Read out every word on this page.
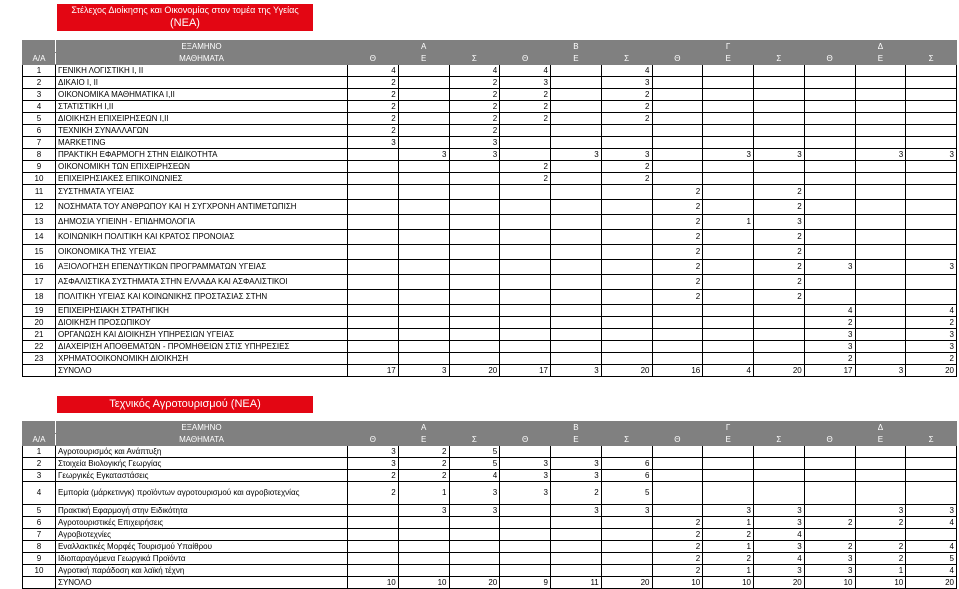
Στέλεχος Διοίκησης και Οικονομίας στον τομέα της Υγείας
(ΝΕΑ)
	ΕΞΑΜΗΝΟ	Α			Β			Γ			Δ		
Α/Α	ΜΑΘΗΜΑΤΑ	Θ	Ε	Σ	Θ	Ε	Σ	Θ	Ε	Σ	Θ	Ε	Σ
1	ΓΕΝΙΚΗ ΛΟΓΙΣΤΙΚΗ Ι, ΙΙ	4		4	4		4						
2	ΔΙΚΑΙΟ Ι, ΙΙ	2		2	3		3						
3	ΟΙΚΟΝΟΜΙΚΑ ΜΑΘΗΜΑΤΙΚΑ Ι,ΙΙ	2		2	2		2						
4	ΣΤΑΤΙΣΤΙΚΗ Ι,ΙΙ	2		2	2		2						
5	ΔΙΟΙΚΗΣΗ ΕΠΙΧΕΙΡΗΣΕΩΝ Ι,ΙΙ	2		2	2		2						
6	ΤΕΧΝΙΚΗ ΣΥΝΑΛΛΑΓΩΝ	2		2									
7	MARKETING	3		3									
8	ΠΡΑΚΤΙΚΗ ΕΦΑΡΜΟΓΗ ΣΤΗΝ ΕΙΔΙΚΟΤΗΤΑ		3	3		3	3		3	3		3	3
9	ΟΙΚΟΝΟΜΙΚΗ ΤΩΝ ΕΠΙΧΕΙΡΗΣΕΩΝ				2		2						
10	ΕΠΙΧΕΙΡΗΣΙΑΚΕΣ ΕΠΙΚΟΙΝΩΝΙΕΣ				2		2						
11	ΣΥΣΤΗΜΑΤΑ ΥΓΕΙΑΣ							2		2			
12	ΝΟΣΗΜΑΤΑ ΤΟΥ ΑΝΘΡΩΠΟΥ ΚΑΙ Η ΣΥΓΧΡΟΝΗ ΑΝΤΙΜΕΤΩΠΙΣΗ							2		2			
13	ΔΗΜΟΣΙΑ ΥΓΙΕΙΝΗ - ΕΠΙΔΗΜΟΛΟΓΙΑ							2	1	3			
14	ΚΟΙΝΩΝΙΚΗ ΠΟΛΙΤΙΚΗ ΚΑΙ ΚΡΑΤΟΣ ΠΡΟΝΟΙΑΣ							2		2			
15	ΟΙΚΟΝΟΜΙΚΑ ΤΗΣ ΥΓΕΙΑΣ							2		2			
16	ΑΞΙΟΛΟΓΗΣΗ ΕΠΕΝΔΥΤΙΚΩΝ ΠΡΟΓΡΑΜΜΑΤΩΝ ΥΓΕΙΑΣ							2		2	3		3
17	ΑΣΦΑΛΙΣΤΙΚΑ ΣΥΣΤΗΜΑΤΑ ΣΤΗΝ ΕΛΛΑΔΑ ΚΑΙ ΑΣΦΑΛΙΣΤΙΚΟΙ							2		2			
18	ΠΟΛΙΤΙΚΗ ΥΓΕΙΑΣ ΚΑΙ ΚΟΙΝΩΝΙΚΗΣ ΠΡΟΣΤΑΣΙΑΣ ΣΤΗΝ							2		2			
19	ΕΠΙΧΕΙΡΗΣΙΑΚΗ ΣΤΡΑΤΗΓΙΚΗ										4		4
20	ΔΙΟΙΚΗΣΗ ΠΡΟΣΩΠΙΚΟΥ										2		2
21	ΟΡΓΑΝΩΣΗ ΚΑΙ ΔΙΟΙΚΗΣΗ ΥΠΗΡΕΣΙΩΝ ΥΓΕΙΑΣ										3		3
22	ΔΙΑΧΕΙΡΙΣΗ ΑΠΟΘΕΜΑΤΩΝ - ΠΡΟΜΗΘΕΙΩΝ ΣΤΙΣ ΥΠΗΡΕΣΙΕΣ										3		3
23	ΧΡΗΜΑΤΟΟΙΚΟΝΟΜΙΚΗ ΔΙΟΙΚΗΣΗ										2		2
	ΣΥΝΟΛΟ	17	3	20	17	3	20	16	4	20	17	3	20
Τεχνικός Αγροτουρισμού (ΝΕΑ)
	ΕΞΑΜΗΝΟ	Α			Β			Γ			Δ		
Α/Α	ΜΑΘΗΜΑΤΑ	Θ	Ε	Σ	Θ	Ε	Σ	Θ	Ε	Σ	Θ	Ε	Σ
1	Αγροτουρισμός και Ανάπτυξη	3	2	5									
2	Στοιχεία Βιολογικής Γεωργίας	3	2	5	3	3	6						
3	Γεωργικές Εγκαταστάσεις	2	2	4	3	3	6						
4	Εμπορία (μάρκετινγκ) προϊόντων αγροτουρισμού και αγροβιοτεχνίας	2	1	3	3	2	5						
5	Πρακτική Εφαρμογή στην Ειδικότητα		3	3		3	3		3	3		3	3
6	Αγροτουριστικές Επιχειρήσεις							2	1	3	2	2	4
7	Αγροβιοτεχνίες							2	2	4			
8	Εναλλακτικές Μορφές Τουρισμού Υπαίθρου							2	1	3	2	2	4
9	Ιδιοπαραγόμενα Γεωργικά Προϊόντα							2	2	4	3	2	5
10	Αγροτική παράδοση και λαϊκή τέχνη							2	1	3	3	1	4
	ΣΥΝΟΛΟ	10	10	20	9	11	20	10	10	20	10	10	20
